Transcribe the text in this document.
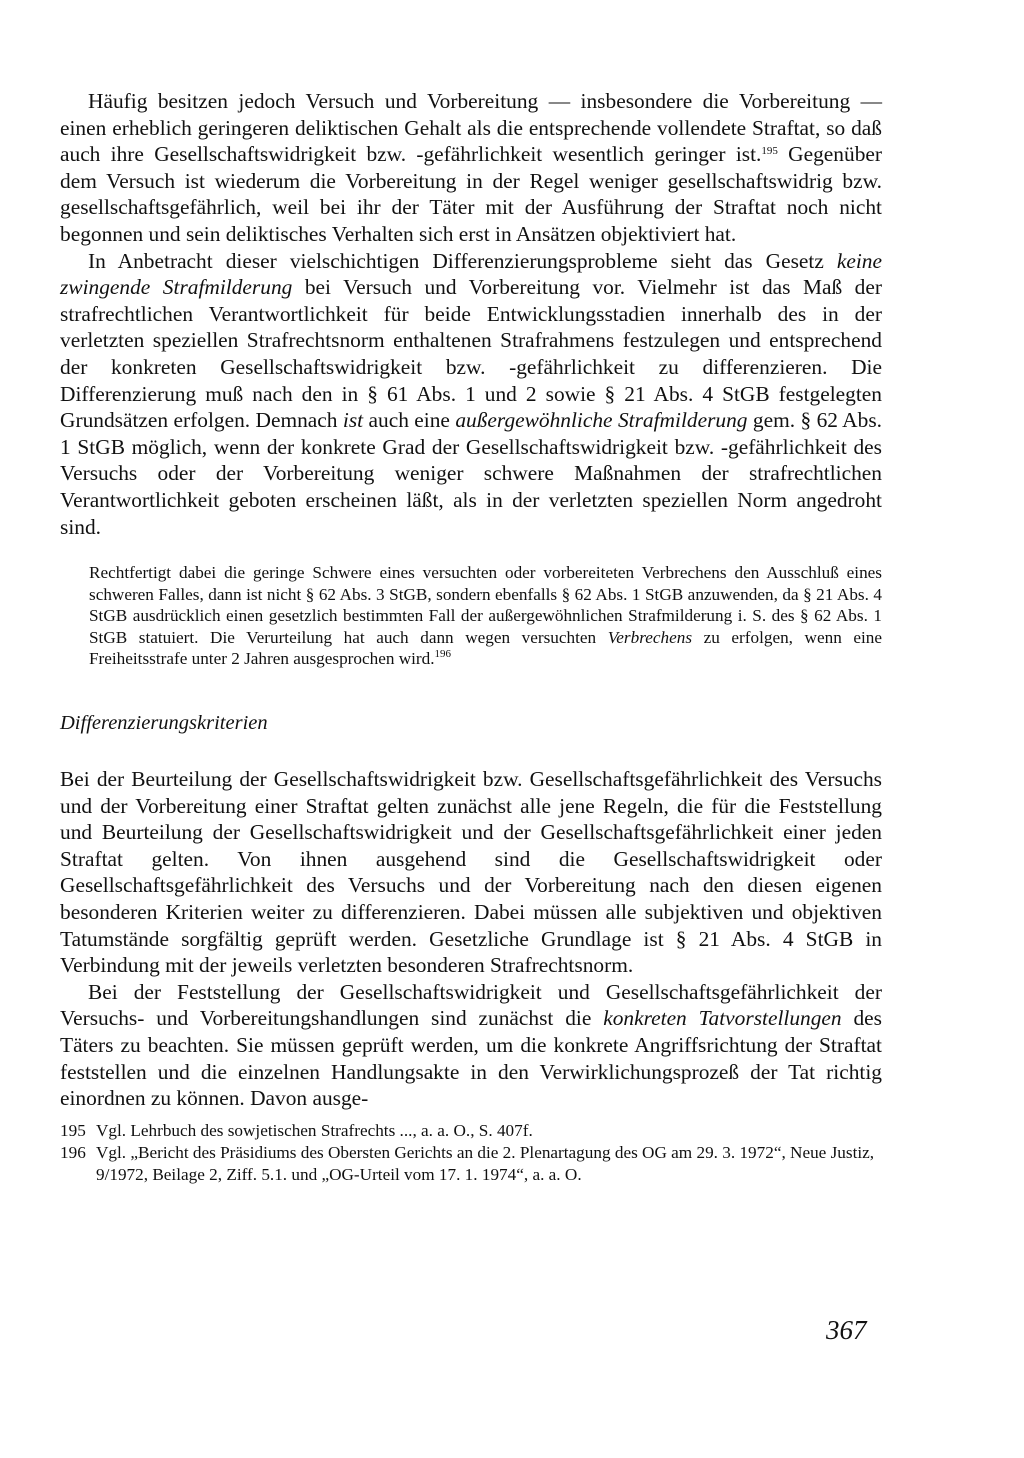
Häufig besitzen jedoch Versuch und Vorbereitung — insbesondere die Vorbereitung — einen erheblich geringeren deliktischen Gehalt als die entsprechende vollendete Straftat, so daß auch ihre Gesellschaftswidrigkeit bzw. -gefährlichkeit wesentlich geringer ist.$^{195}$ Gegenüber dem Versuch ist wiederum die Vorbereitung in der Regel weniger gesellschaftswidrig bzw. gesellschaftsgefährlich, weil bei ihr der Täter mit der Ausführung der Straftat noch nicht begonnen und sein deliktisches Verhalten sich erst in Ansätzen objektiviert hat.

In Anbetracht dieser vielschichtigen Differenzierungsprobleme sieht das Gesetz keine zwingende Strafmilderung bei Versuch und Vorbereitung vor. Vielmehr ist das Maß der strafrechtlichen Verantwortlichkeit für beide Entwicklungsstadien innerhalb des in der verletzten speziellen Strafrechtsnorm enthaltenen Strafrahmens festzulegen und entsprechend der konkreten Gesellschaftswidrigkeit bzw. -gefährlichkeit zu differenzieren. Die Differenzierung muß nach den in § 61 Abs. 1 und 2 sowie § 21 Abs. 4 StGB festgelegten Grundsätzen erfolgen. Demnach ist auch eine außergewöhnliche Strafmilderung gem. § 62 Abs. 1 StGB möglich, wenn der konkrete Grad der Gesellschaftswidrigkeit bzw. -gefährlichkeit des Versuchs oder der Vorbereitung weniger schwere Maßnahmen der strafrechtlichen Verantwortlichkeit geboten erscheinen läßt, als in der verletzten speziellen Norm angedroht sind.

Rechtfertigt dabei die geringe Schwere eines versuchten oder vorbereiteten Verbrechens den Ausschluß eines schweren Falles, dann ist nicht § 62 Abs. 3 StGB, sondern ebenfalls § 62 Abs. 1 StGB anzuwenden, da § 21 Abs. 4 StGB ausdrücklich einen gesetzlich bestimmten Fall der außergewöhnlichen Strafmilderung i. S. des § 62 Abs. 1 StGB statuiert. Die Verurteilung hat auch dann wegen versuchten Verbrechens zu erfolgen, wenn eine Freiheitsstrafe unter 2 Jahren ausgesprochen wird.$^{196}$

Differenzierungskriterien

Bei der Beurteilung der Gesellschaftswidrigkeit bzw. Gesellschaftsgefährlichkeit des Versuchs und der Vorbereitung einer Straftat gelten zunächst alle jene Regeln, die für die Feststellung und Beurteilung der Gesellschaftswidrigkeit und der Gesellschaftsgefährlichkeit einer jeden Straftat gelten. Von ihnen ausgehend sind die Gesellschaftswidrigkeit oder Gesellschaftsgefährlichkeit des Versuchs und der Vorbereitung nach den diesen eigenen besonderen Kriterien weiter zu differenzieren. Dabei müssen alle subjektiven und objektiven Tatumstände sorgfältig geprüft werden. Gesetzliche Grundlage ist § 21 Abs. 4 StGB in Verbindung mit der jeweils verletzten besonderen Strafrechtsnorm.

Bei der Feststellung der Gesellschaftswidrigkeit und Gesellschaftsgefährlichkeit der Versuchs- und Vorbereitungshandlungen sind zunächst die konkreten Tatvorstellungen des Täters zu beachten. Sie müssen geprüft werden, um die konkrete Angriffsrichtung der Straftat feststellen und die einzelnen Handlungsakte in den Verwirklichungsprozeß der Tat richtig einordnen zu können. Davon ausge-

195 Vgl. Lehrbuch des sowjetischen Strafrechts ..., a. a. O., S. 407f.
196 Vgl. „Bericht des Präsidiums des Obersten Gerichts an die 2. Plenartagung des OG am 29. 3. 1972“, Neue Justiz, 9/1972, Beilage 2, Ziff. 5.1. und „OG-Urteil vom 17. 1. 1974“, a. a. O.
367
